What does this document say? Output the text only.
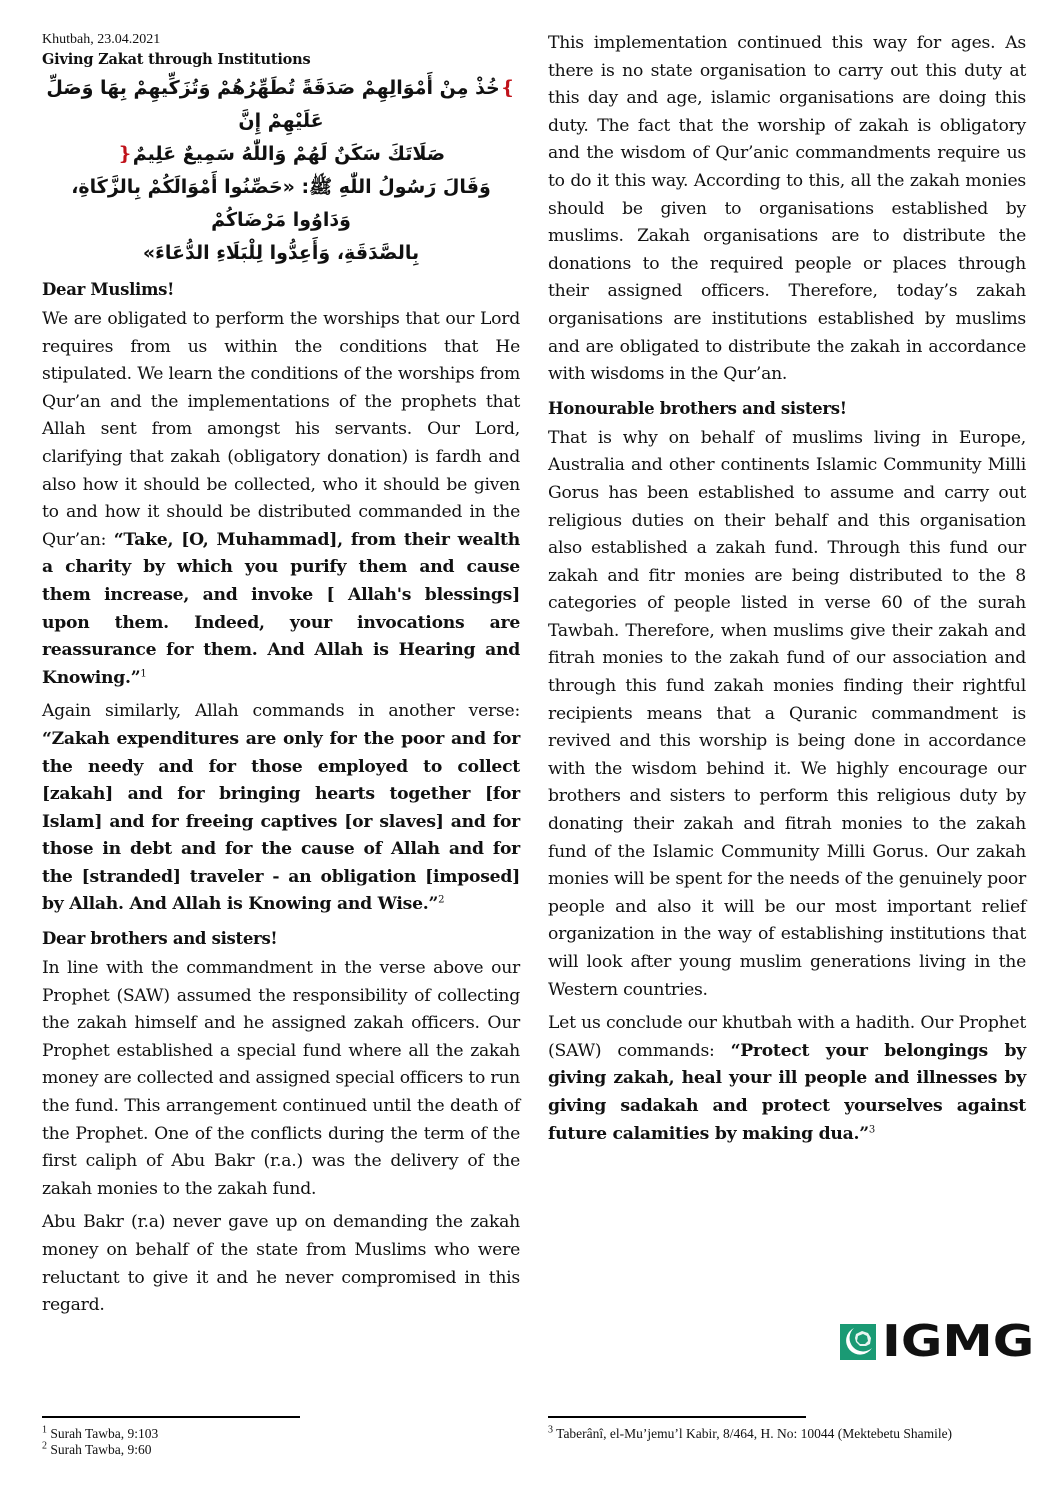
Khutbah, 23.04.2021
Giving Zakat through Institutions

❵خُذْ مِنْ أَمْوَالِهِمْ صَدَقَةً تُطَهِّرُهُمْ وَتُزَكِّيهِمْ بِهَا وَصَلِّ عَلَيْهِمْ إِنَّ

صَلَاتَكَ سَكَنٌ لَهُمْ وَاللّٰهُ سَمِيعٌ عَلِيمٌ❴

وَقَالَ رَسُولُ اللّٰهِ ﷺ: «حَصِّنُوا أَمْوَالَكُمْ بِالزَّكَاةِ، وَدَاوُوا مَرْضَاكُمْ

بِالصَّدَقَةِ، وَأَعِدُّوا لِلْبَلَاءِ الدُّعَاءَ»

Dear Muslims!

We are obligated to perform the worships that our Lord requires from us within the conditions that He stipulated. We learn the conditions of the worships from Qur’an and the implementations of the prophets that Allah sent from amongst his servants. Our Lord, clarifying that zakah (obligatory donation) is fardh and also how it should be collected, who it should be given to and how it should be distributed commanded in the Qur’an: “Take, [O, Muhammad], from their wealth a charity by which you purify them and cause them increase, and invoke [ Allah's blessings] upon them. Indeed, your invocations are reassurance for them. And Allah is Hearing and Knowing.”$^1$

Again similarly, Allah commands in another verse: “Zakah expenditures are only for the poor and for the needy and for those employed to collect [zakah] and for bringing hearts together [for Islam] and for freeing captives [or slaves] and for those in debt and for the cause of Allah and for the [stranded] traveler - an obligation [imposed] by Allah. And Allah is Knowing and Wise.”$^2$

Dear brothers and sisters!

In line with the commandment in the verse above our Prophet (SAW) assumed the responsibility of collecting the zakah himself and he assigned zakah officers. Our Prophet established a special fund where all the zakah money are collected and assigned special officers to run the fund. This arrangement continued until the death of the Prophet. One of the conflicts during the term of the first caliph of Abu Bakr (r.a.) was the delivery of the zakah monies to the zakah fund.

Abu Bakr (r.a) never gave up on demanding the zakah money on behalf of the state from Muslims who were reluctant to give it and he never compromised in this regard.

This implementation continued this way for ages. As there is no state organisation to carry out this duty at this day and age, islamic organisations are doing this duty. The fact that the worship of zakah is obligatory and the wisdom of Qur’anic commandments require us to do it this way. According to this, all the zakah monies should be given to organisations established by muslims. Zakah organisations are to distribute the donations to the required people or places through their assigned officers. Therefore, today’s zakah organisations are institutions established by muslims and are obligated to distribute the zakah in accordance with wisdoms in the Qur’an.

Honourable brothers and sisters!

That is why on behalf of muslims living in Europe, Australia and other continents Islamic Community Milli Gorus has been established to assume and carry out religious duties on their behalf and this organisation also established a zakah fund. Through this fund our zakah and fitr monies are being distributed to the 8 categories of people listed in verse 60 of the surah Tawbah. Therefore, when muslims give their zakah and fitrah monies to the zakah fund of our association and through this fund zakah monies finding their rightful recipients means that a Quranic commandment is revived and this worship is being done in accordance with the wisdom behind it. We highly encourage our brothers and sisters to perform this religious duty by donating their zakah and fitrah monies to the zakah fund of the Islamic Community Milli Gorus. Our zakah monies will be spent for the needs of the genuinely poor people and also it will be our most important relief organization in the way of establishing institutions that will look after young muslim generations living in the Western countries.

Let us conclude our khutbah with a hadith. Our Prophet (SAW) commands: “Protect your belongings by giving zakah, heal your ill people and illnesses by giving sadakah and protect yourselves against future calamities by making dua.”$^3$

IGMG
$^1$ Surah Tawba, 9:103
$^2$ Surah Tawba, 9:60
$^3$ Taberânî, el-Mu’jemu’l Kabir, 8/464, H. No: 10044 (Mektebetu Shamile)
